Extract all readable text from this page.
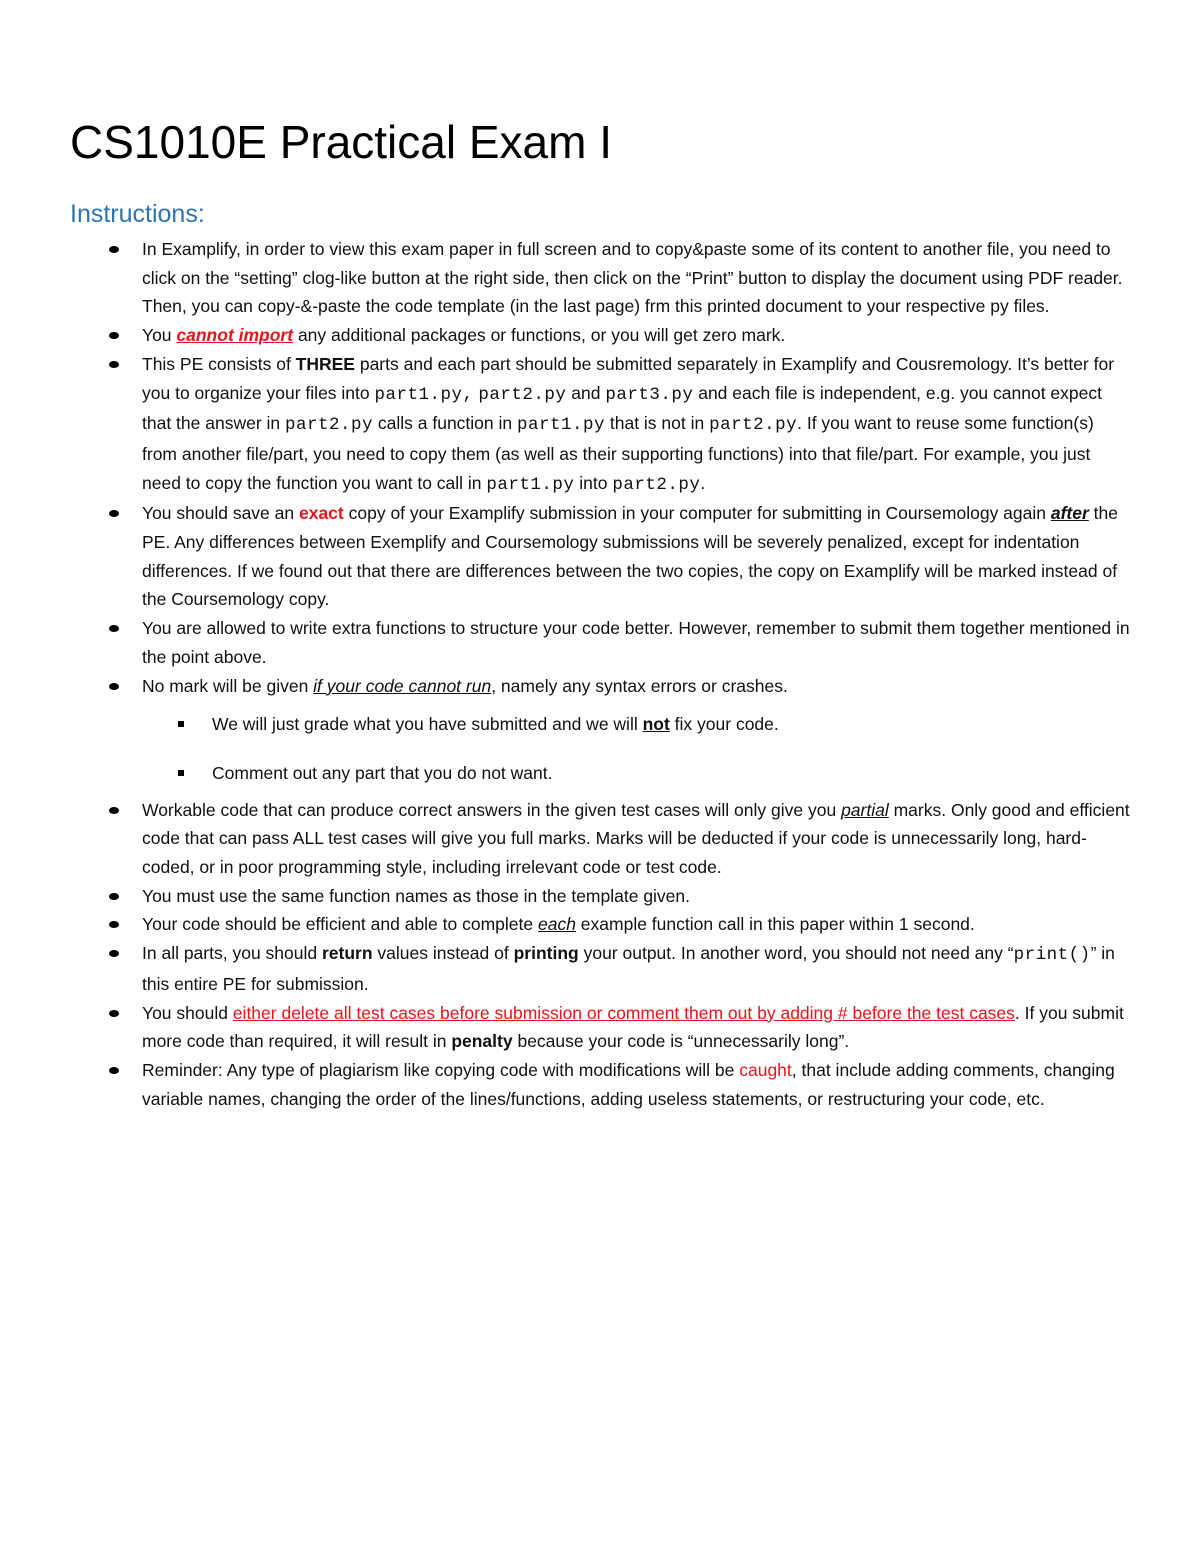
CS1010E Practical Exam I
Instructions:
In Examplify, in order to view this exam paper in full screen and to copy&paste some of its content to another file, you need to click on the “setting” clog-like button at the right side, then click on the “Print” button to display the document using PDF reader. Then, you can copy-&-paste the code template (in the last page) frm this printed document to your respective py files.
You cannot import any additional packages or functions, or you will get zero mark.
This PE consists of THREE parts and each part should be submitted separately in Examplify and Cousremology. It’s better for you to organize your files into part1.py, part2.py and part3.py and each file is independent, e.g. you cannot expect that the answer in part2.py calls a function in part1.py that is not in part2.py. If you want to reuse some function(s) from another file/part, you need to copy them (as well as their supporting functions) into that file/part. For example, you just need to copy the function you want to call in part1.py into part2.py.
You should save an exact copy of your Examplify submission in your computer for submitting in Coursemology again after the PE. Any differences between Exemplify and Coursemology submissions will be severely penalized, except for indentation differences. If we found out that there are differences between the two copies, the copy on Examplify will be marked instead of the Coursemology copy.
You are allowed to write extra functions to structure your code better. However, remember to submit them together mentioned in the point above.
No mark will be given if your code cannot run, namely any syntax errors or crashes.
We will just grade what you have submitted and we will not fix your code.
Comment out any part that you do not want.
Workable code that can produce correct answers in the given test cases will only give you partial marks. Only good and efficient code that can pass ALL test cases will give you full marks. Marks will be deducted if your code is unnecessarily long, hard-coded, or in poor programming style, including irrelevant code or test code.
You must use the same function names as those in the template given.
Your code should be efficient and able to complete each example function call in this paper within 1 second.
In all parts, you should return values instead of printing your output. In another word, you should not need any “print()” in this entire PE for submission.
You should either delete all test cases before submission or comment them out by adding # before the test cases. If you submit more code than required, it will result in penalty because your code is “unnecessarily long”.
Reminder: Any type of plagiarism like copying code with modifications will be caught, that include adding comments, changing variable names, changing the order of the lines/functions, adding useless statements, or restructuring your code, etc.
